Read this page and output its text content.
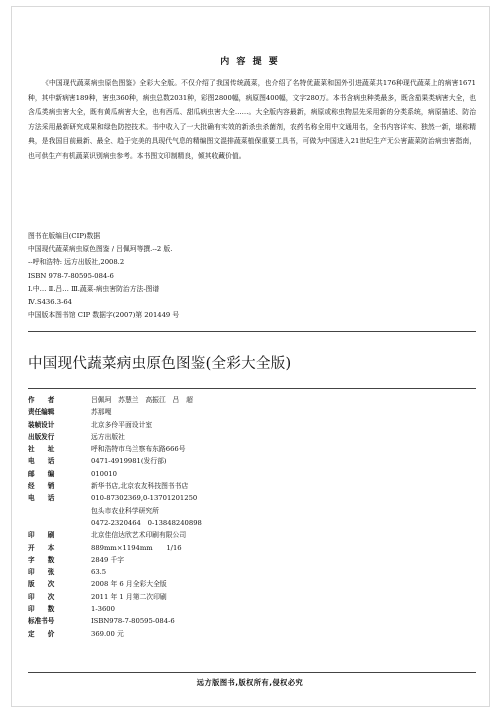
内 容 提 要

《中国现代蔬菜病虫原色图鉴》全彩大全版。不仅介绍了我国传统蔬菜，也介绍了名特优蔬菜和国外引进蔬菜共176种现代蔬菜上的病害1671种，其中新病害189种，害虫360种，病虫总数2031种，彩图2800幅，病原图400幅，文字280万。本书含病虫种类最多，既含茄果类病害大全，也含瓜类病虫害大全，既有黄瓜病害大全，也有西瓜、甜瓜病虫害大全……。大全版内容最新，病原或称虫物层先采用新的分类系统，病原描述、防治方法采用最新研究成果和绿色防控技术。书中收入了一大批确有实效的新杀虫杀菌剂，农药名称全用中文通用名，全书内容详实、独然一新，堪称精典，是我国目前最新、最全、趋于完美的具现代气息的精编图文混排蔬菜植保重要工具书，可做为中国进入21世纪生产无公害蔬菜防治病虫害指南，也可供生产有机蔬菜识别病虫参考。本书图文印制精良，倾其收藏价值。

图书在版编目(CIP)数据
中国现代蔬菜病虫原色图鉴 / 吕佩珂等撰.--2 版.
--呼和浩特: 远方出版社,2008.2
ISBN 978-7-80595-084-6
Ⅰ.中… Ⅱ.吕… Ⅲ.蔬菜-病虫害防治方法-图谱
Ⅳ.S436.3-64
中国版本图书馆 CIP 数据字(2007)第 201449 号
中国现代蔬菜病虫原色图鉴(全彩大全版)
作　　者	吕佩珂　苏慧兰　高振江　吕　超
责任编辑	苏那嘎
装帧设计	北京多伶平面设计室
出版发行	远方出版社
社　　址	呼和浩特市乌兰察布东路666号
电　　话	0471-4919981(发行部)
邮　　编	010010
经　　销	新华书店,北京农友科技图书书店
电　　话	010-87302369,0-13701201250
包头市农业科学研究所
0472-2320464　0-13848240898
印　　刷	北京佳信达欣艺术印刷有限公司
开　　本	889mm×1194mm　　1/16
字　　数	2849 千字
印　　张	63.5
版　　次	2008 年 6 月全彩大全版
印　　次	2011 年 1 月第二次印刷
印　　数	1-3600
标准书号	ISBN978-7-80595-084-6
定　　价	369.00 元
远方版图书,版权所有,侵权必究
